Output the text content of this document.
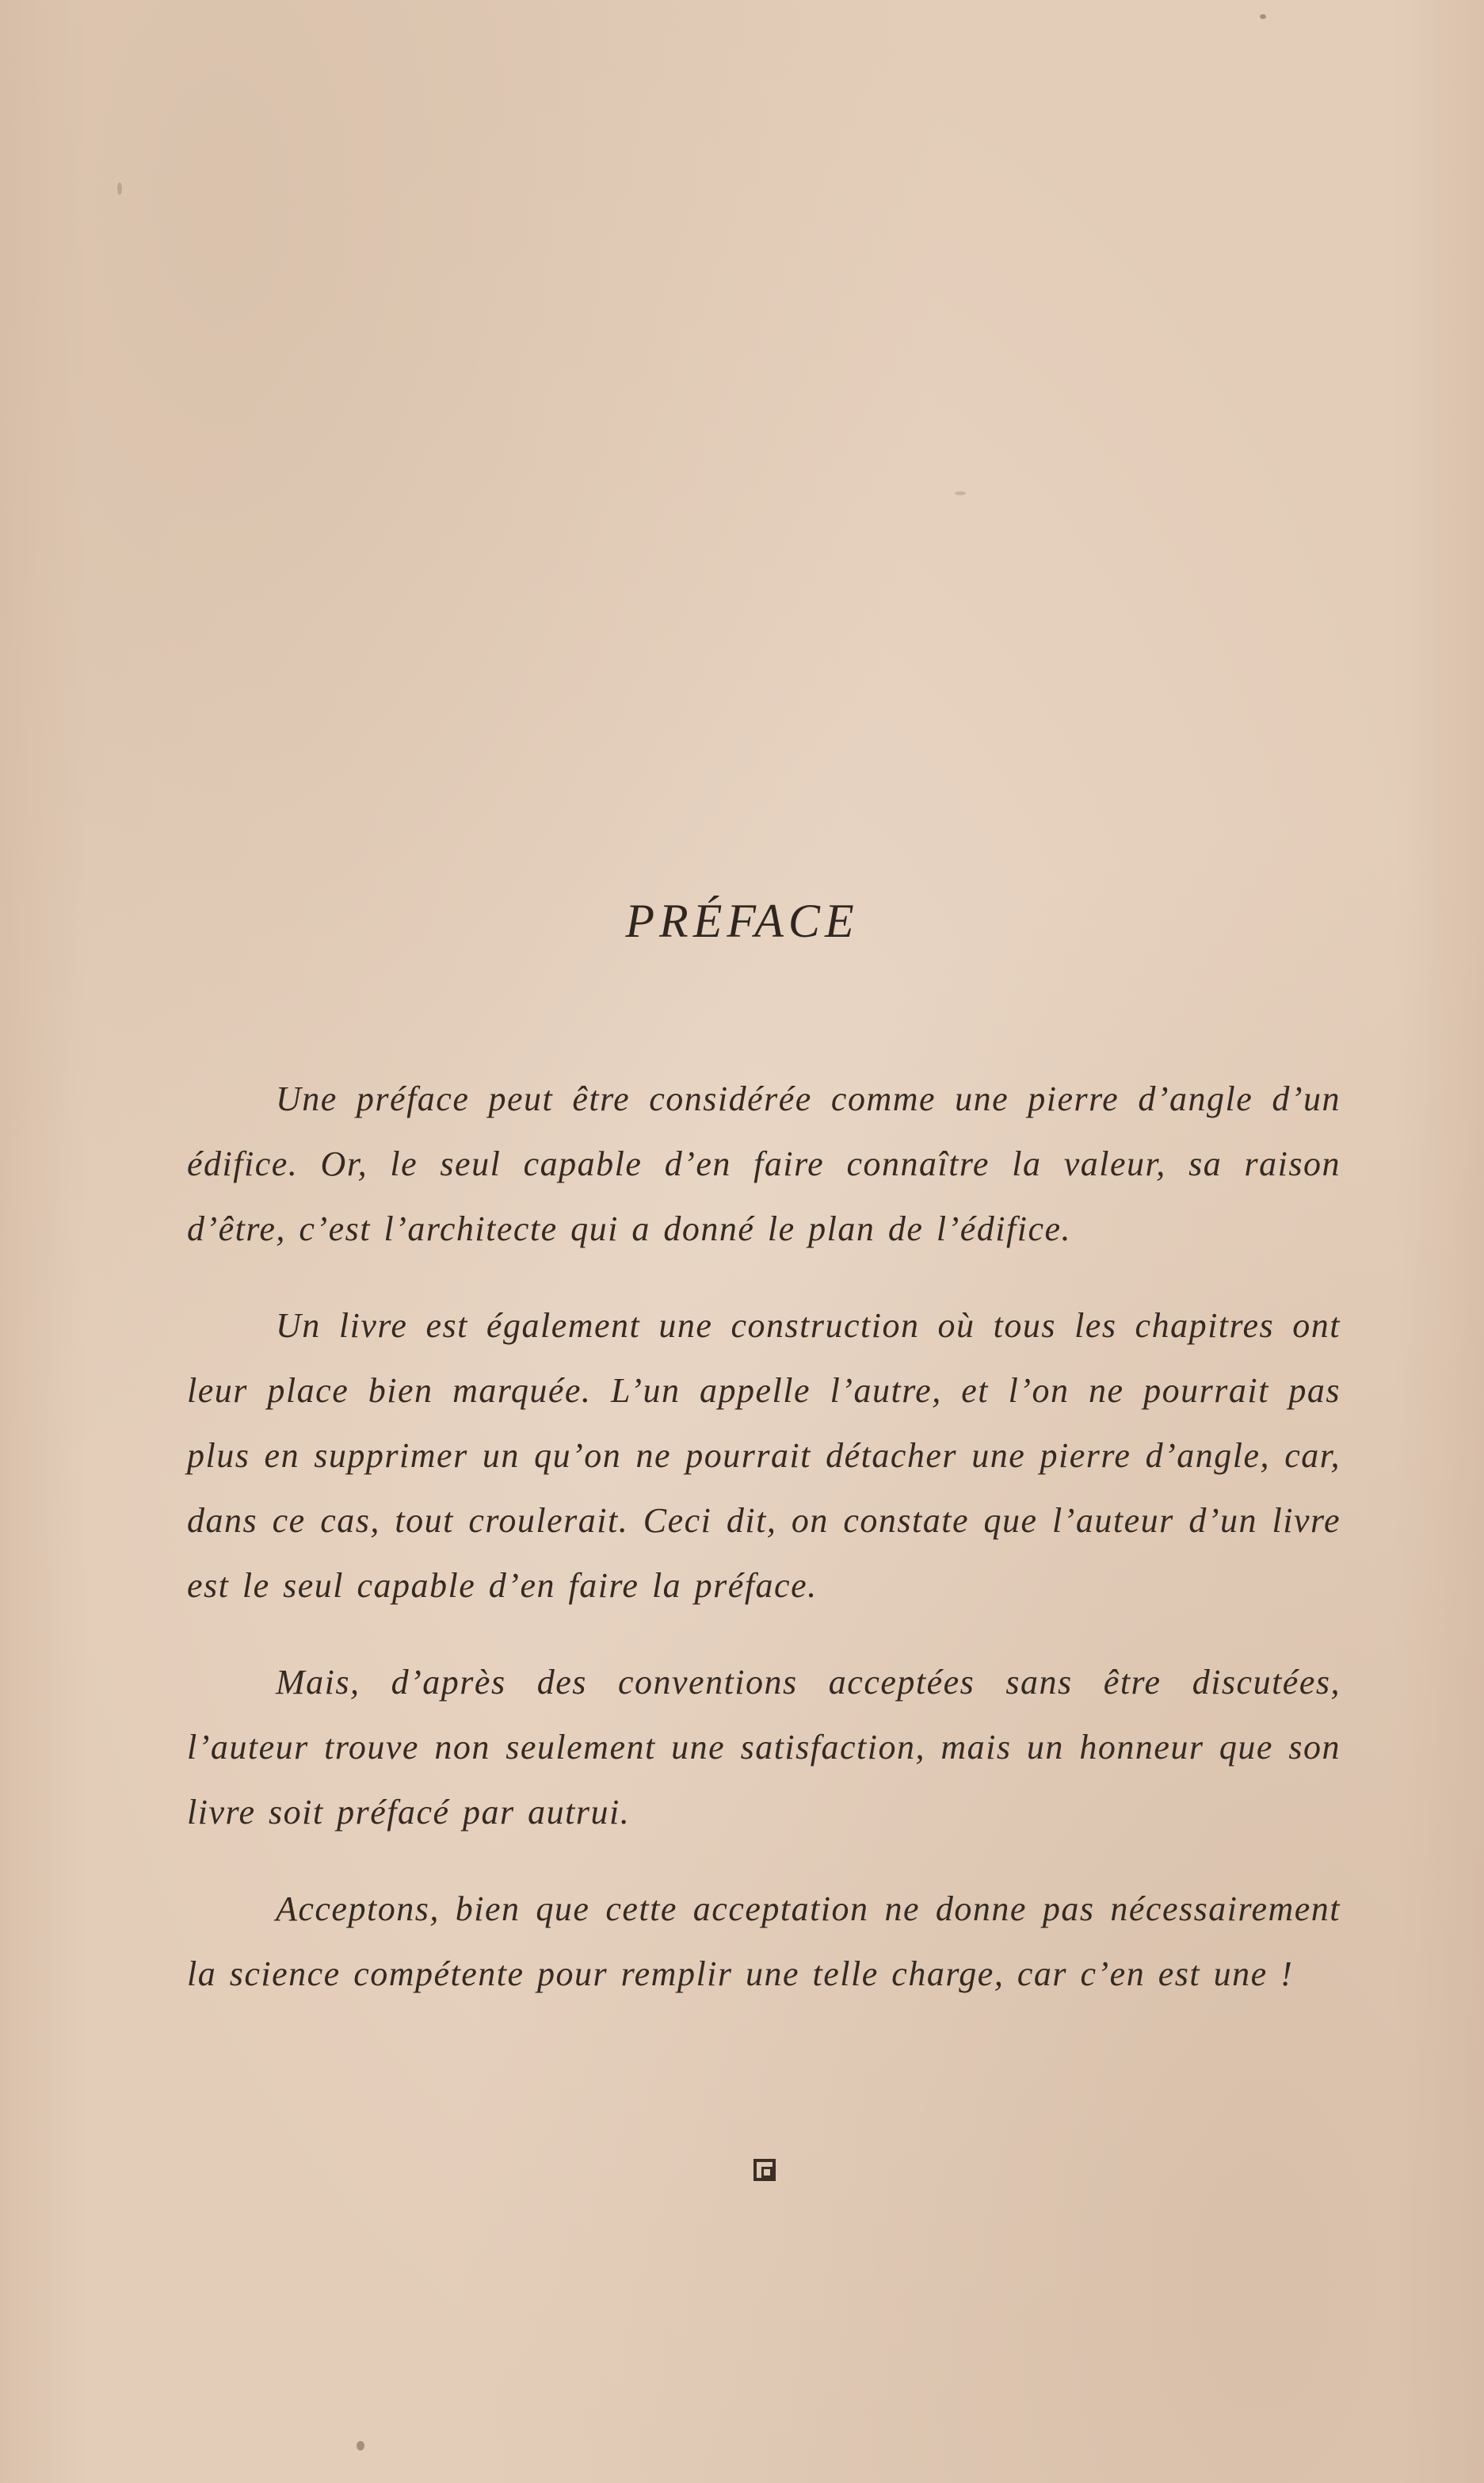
PRÉFACE

Une préface peut être considérée comme une pierre d’angle d’un édifice. Or, le seul capable d’en faire connaître la valeur, sa raison d’être, c’est l’architecte qui a donné le plan de l’édifice.

Un livre est également une construction où tous les chapitres ont leur place bien marquée. L’un appelle l’autre, et l’on ne pourrait pas plus en supprimer un qu’on ne pourrait détacher une pierre d’angle, car, dans ce cas, tout croulerait. Ceci dit, on constate que l’auteur d’un livre est le seul capable d’en faire la préface.

Mais, d’après des conventions acceptées sans être discutées, l’auteur trouve non seulement une satisfaction, mais un honneur que son livre soit préfacé par autrui.

Acceptons, bien que cette acceptation ne donne pas nécessairement la science compétente pour remplir une telle charge, car c’en est une !
